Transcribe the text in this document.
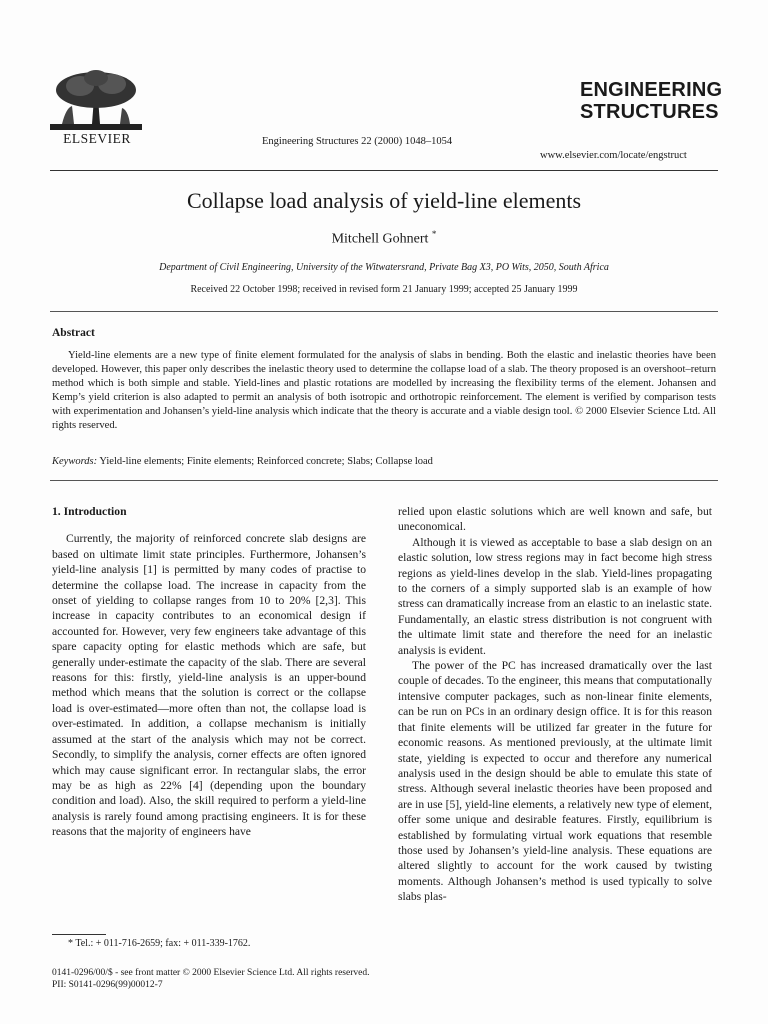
ELSEVIER	Engineering Structures 22 (2000) 1048–1054
ENGINEERING
STRUCTURES
www.elsevier.com/locate/engstruct
Collapse load analysis of yield-line elements
Mitchell Gohnert *
Department of Civil Engineering, University of the Witwatersrand, Private Bag X3, PO Wits, 2050, South Africa
Received 22 October 1998; received in revised form 21 January 1999; accepted 25 January 1999
Abstract
Yield-line elements are a new type of finite element formulated for the analysis of slabs in bending. Both the elastic and inelastic theories have been developed. However, this paper only describes the inelastic theory used to determine the collapse load of a slab. The theory proposed is an overshoot–return method which is both simple and stable. Yield-lines and plastic rotations are modelled by increasing the flexibility terms of the element. Johansen and Kemp’s yield criterion is also adapted to permit an analysis of both isotropic and orthotropic reinforcement. The element is verified by comparison tests with experimentation and Johansen’s yield-line analysis which indicate that the theory is accurate and a viable design tool. © 2000 Elsevier Science Ltd. All rights reserved.
Keywords: Yield-line elements; Finite elements; Reinforced concrete; Slabs; Collapse load
1. Introduction

Currently, the majority of reinforced concrete slab designs are based on ultimate limit state principles. Furthermore, Johansen’s yield-line analysis [1] is permitted by many codes of practise to determine the collapse load. The increase in capacity from the onset of yielding to collapse ranges from 10 to 20% [2,3]. This increase in capacity contributes to an economical design if accounted for. However, very few engineers take advantage of this spare capacity opting for elastic methods which are safe, but generally under-estimate the capacity of the slab. There are several reasons for this: firstly, yield-line analysis is an upper-bound method which means that the solution is correct or the collapse load is over-estimated—more often than not, the collapse load is over-estimated. In addition, a collapse mechanism is initially assumed at the start of the analysis which may not be correct. Secondly, to simplify the analysis, corner effects are often ignored which may cause significant error. In rectangular slabs, the error may be as high as 22% [4] (depending upon the boundary condition and load). Also, the skill required to perform a yield-line analysis is rarely found among practising engineers. It is for these reasons that the majority of engineers have

relied upon elastic solutions which are well known and safe, but uneconomical.

Although it is viewed as acceptable to base a slab design on an elastic solution, low stress regions may in fact become high stress regions as yield-lines develop in the slab. Yield-lines propagating to the corners of a simply supported slab is an example of how stress can dramatically increase from an elastic to an inelastic state. Fundamentally, an elastic stress distribution is not congruent with the ultimate limit state and therefore the need for an inelastic analysis is evident.

The power of the PC has increased dramatically over the last couple of decades. To the engineer, this means that computationally intensive computer packages, such as non-linear finite elements, can be run on PCs in an ordinary design office. It is for this reason that finite elements will be utilized far greater in the future for economic reasons. As mentioned previously, at the ultimate limit state, yielding is expected to occur and therefore any numerical analysis used in the design should be able to emulate this state of stress. Although several inelastic theories have been proposed and are in use [5], yield-line elements, a relatively new type of element, offer some unique and desirable features. Firstly, equilibrium is established by formulating virtual work equations that resemble those used by Johansen’s yield-line analysis. These equations are altered slightly to account for the work caused by twisting moments. Although Johansen’s method is used typically to solve slabs plas-

* Tel.: + 011-716-2659; fax: + 011-339-1762.
0141-0296/00/$ - see front matter © 2000 Elsevier Science Ltd. All rights reserved.
PII: S0141-0296(99)00012-7
